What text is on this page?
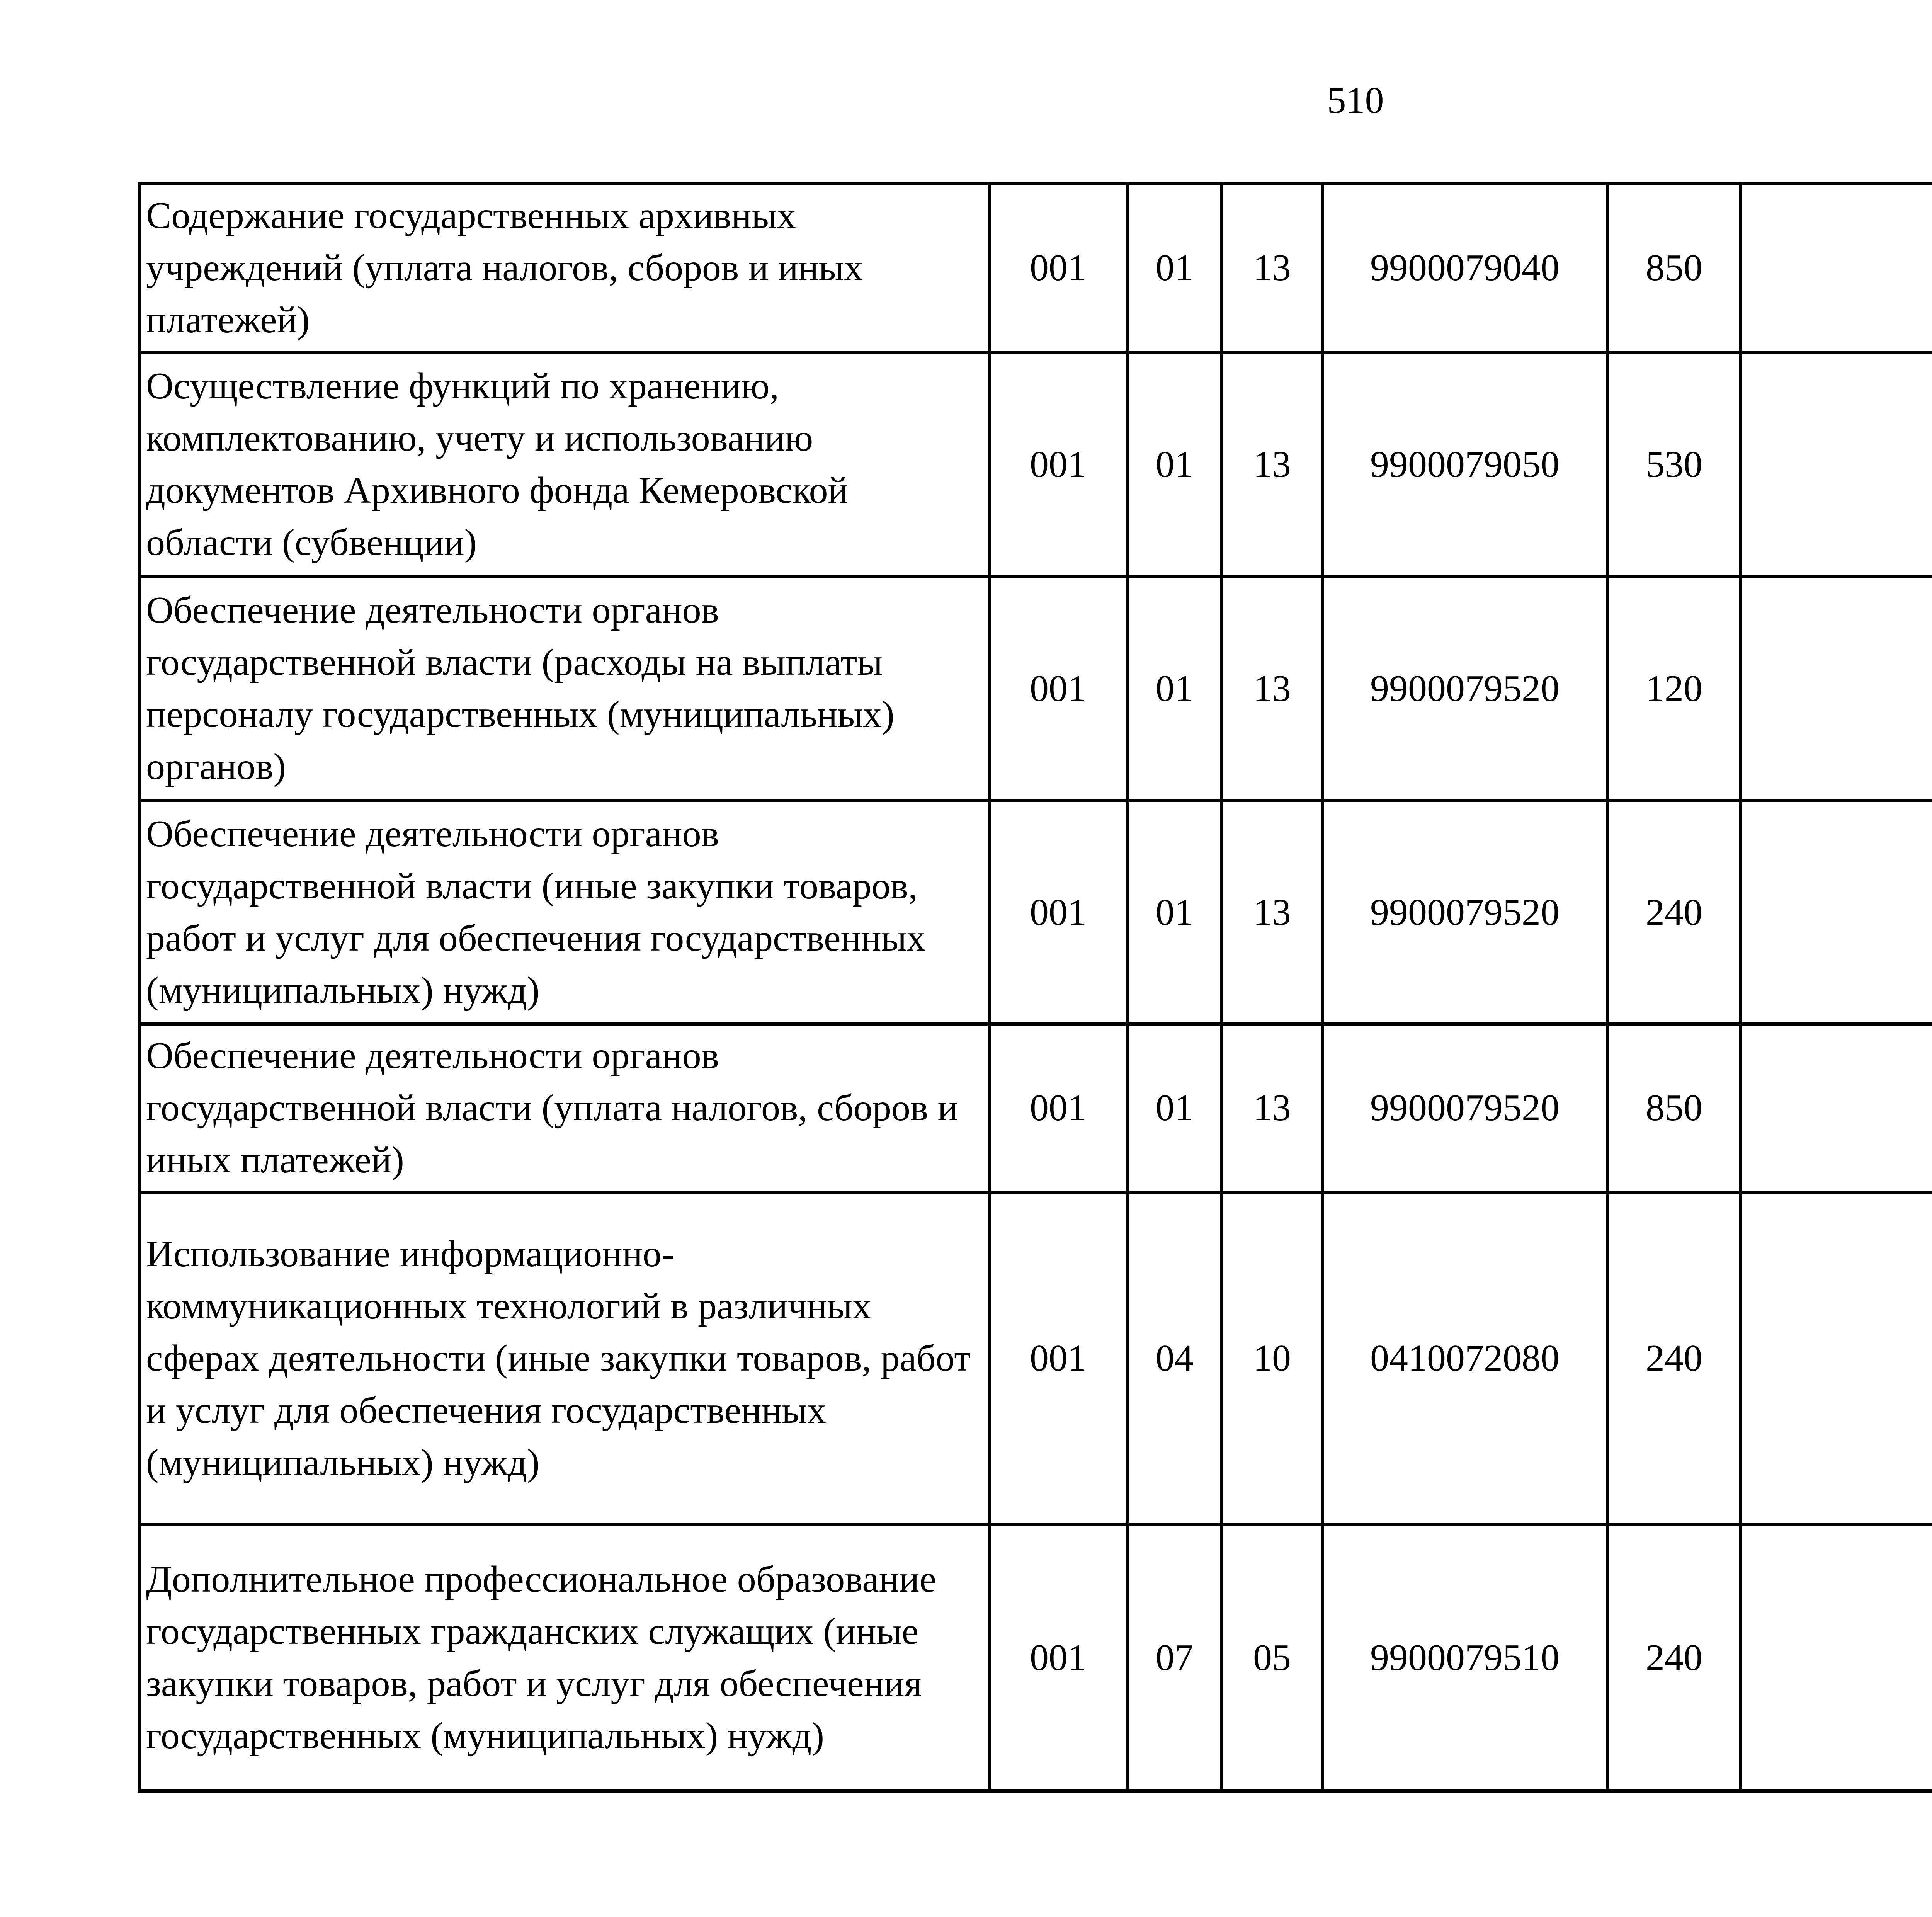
510
Содержание государственных архивных учреждений (уплата налогов, сборов и иных платежей)	001	01	13	9900079040	850			
Осуществление функций по хранению, комплектованию, учету и использованию документов Архивного фонда Кемеровской области (субвенции)	001	01	13	9900079050	530			
Обеспечение деятельности органов государственной власти (расходы на выплаты персоналу государственных (муниципальных) органов)	001	01	13	9900079520	120			
Обеспечение деятельности органов государственной власти (иные закупки товаров, работ и услуг для обеспечения государственных (муниципальных) нужд)	001	01	13	9900079520	240			
Обеспечение деятельности органов государственной власти (уплата налогов, сборов и иных платежей)	001	01	13	9900079520	850			
Использование информационно-коммуникационных технологий в различных сферах деятельности (иные закупки товаров, работ и услуг для обеспечения государственных (муниципальных) нужд)	001	04	10	0410072080	240			
Дополнительное профессиональное образование государственных гражданских служащих (иные закупки товаров, работ и услуг для обеспечения государственных (муниципальных) нужд)	001	07	05	9900079510	240			
